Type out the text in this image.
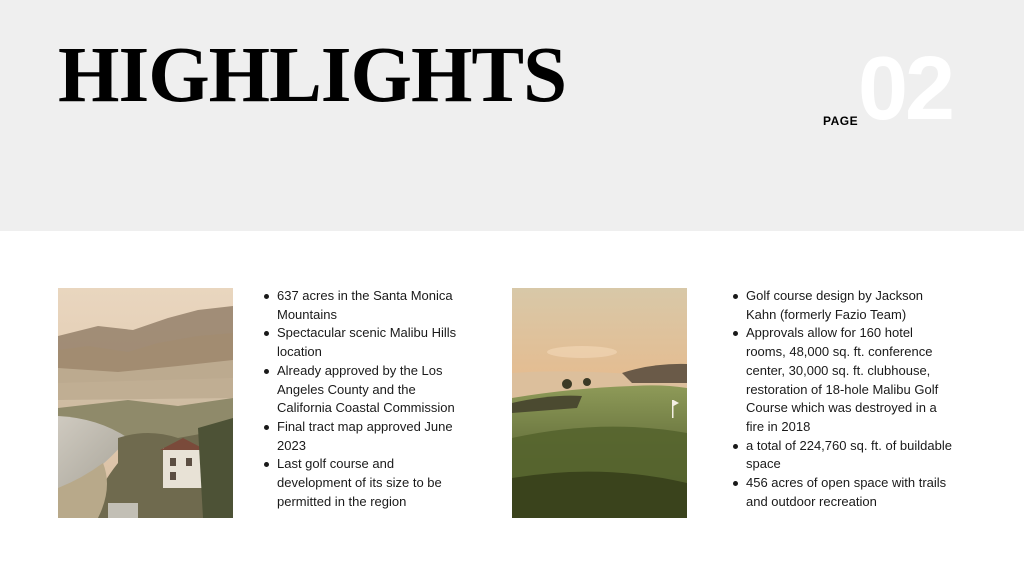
HIGHLIGHTS
PAGE 02
637 acres in the Santa Monica Mountains
Spectacular scenic Malibu Hills location
Already approved by the Los Angeles County and the California Coastal Commission
Final tract map approved June 2023
Last golf course and development of its size to be permitted in the region
Golf course design by Jackson Kahn (formerly Fazio Team)
Approvals allow for 160 hotel rooms, 48,000 sq. ft. conference center, 30,000 sq. ft. clubhouse, restoration of 18-hole Malibu Golf Course which was destroyed in a fire in 2018
a total of 224,760 sq. ft. of buildable space
456 acres of open space with trails and outdoor recreation
